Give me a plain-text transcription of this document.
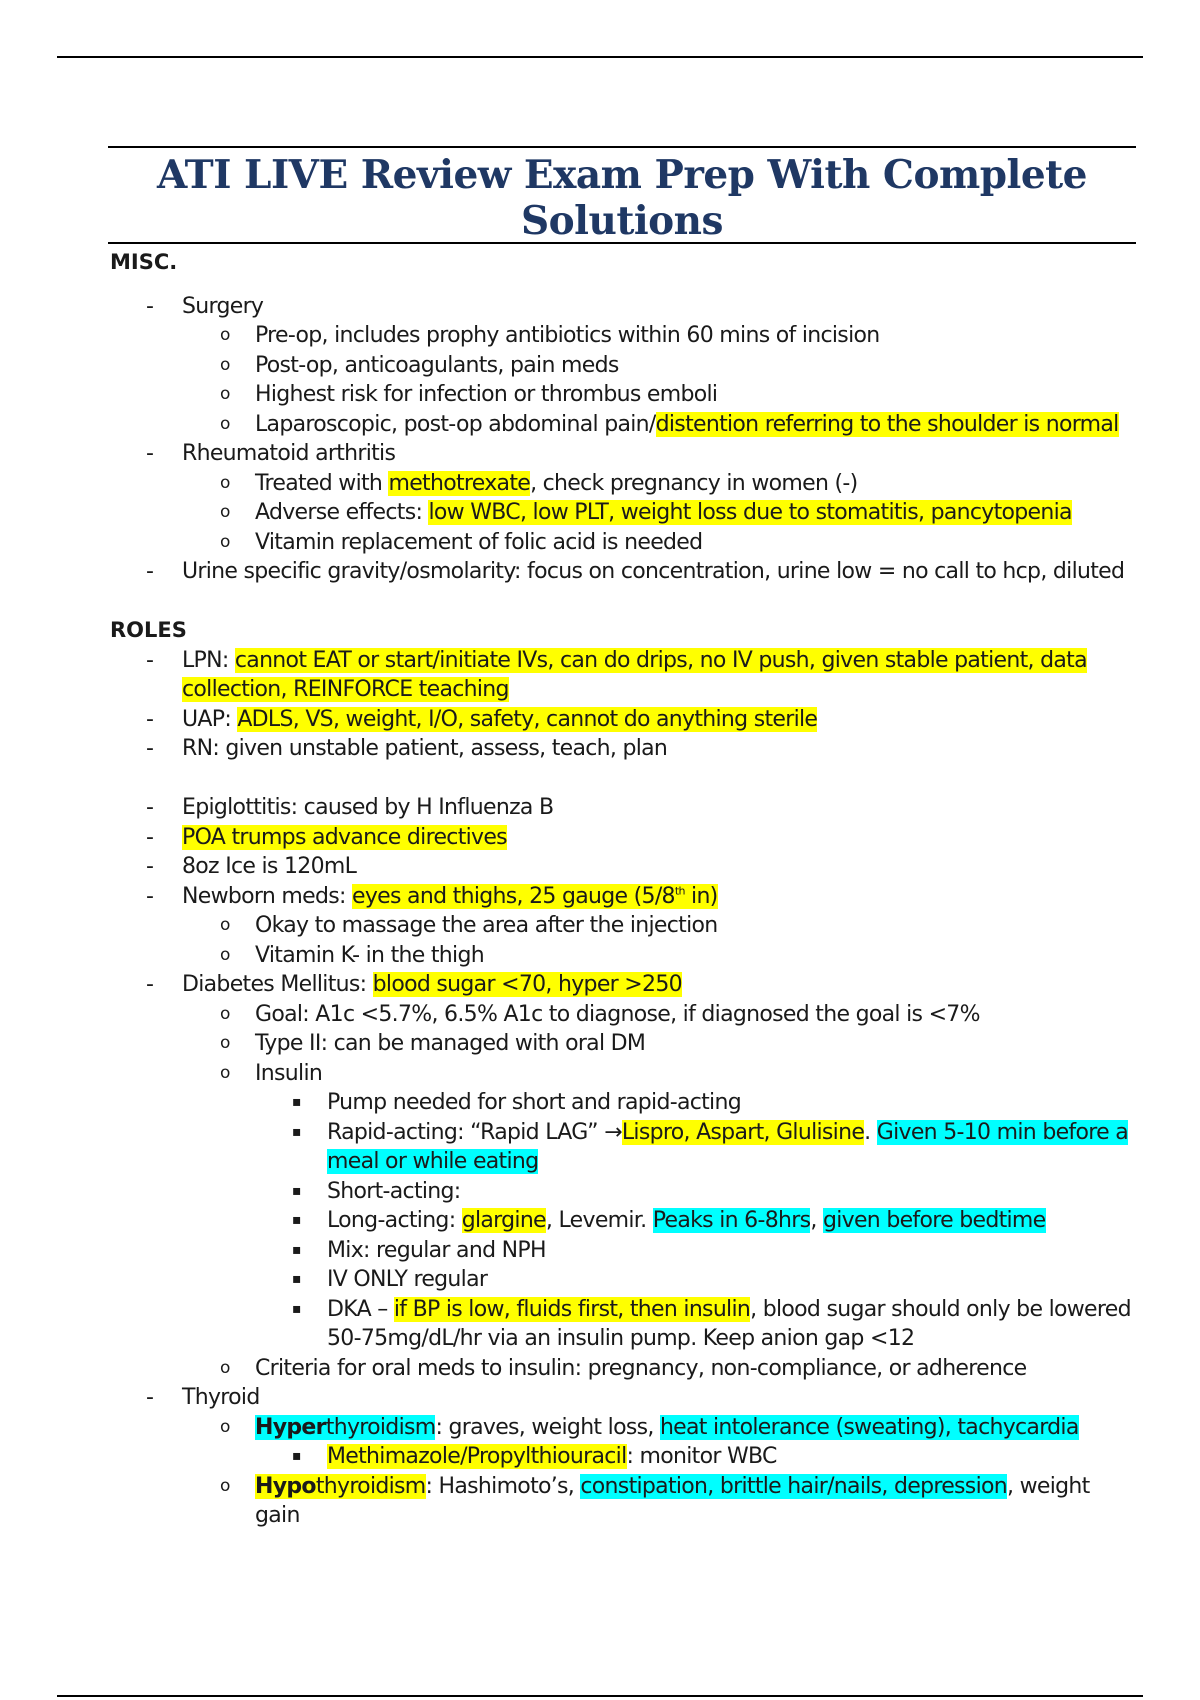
ATI LIVE Review Exam Prep With Complete Solutions
MISC.
- Surgery
o Pre-op, includes prophy antibiotics within 60 mins of incision
o Post-op, anticoagulants, pain meds
o Highest risk for infection or thrombus emboli
o Laparoscopic, post-op abdominal pain/distention referring to the shoulder is normal
- Rheumatoid arthritis
o Treated with methotrexate, check pregnancy in women (-)
o Adverse effects: low WBC, low PLT, weight loss due to stomatitis, pancytopenia
o Vitamin replacement of folic acid is needed
- Urine specific gravity/osmolarity: focus on concentration, urine low = no call to hcp, diluted
ROLES
- LPN: cannot EAT or start/initiate IVs, can do drips, no IV push, given stable patient, data collection, REINFORCE teaching
- UAP: ADLS, VS, weight, I/O, safety, cannot do anything sterile
- RN: given unstable patient, assess, teach, plan
- Epiglottitis: caused by H Influenza B
- POA trumps advance directives
- 8oz Ice is 120mL
- Newborn meds: eyes and thighs, 25 gauge (5/8th in)
o Okay to massage the area after the injection
o Vitamin K- in the thigh
- Diabetes Mellitus: blood sugar <70, hyper >250
o Goal: A1c <5.7%, 6.5% A1c to diagnose, if diagnosed the goal is <7%
o Type II: can be managed with oral DM
o Insulin
▪ Pump needed for short and rapid-acting
▪ Rapid-acting: “Rapid LAG” →Lispro, Aspart, Glulisine. Given 5-10 min before a meal or while eating
▪ Short-acting:
▪ Long-acting: glargine, Levemir. Peaks in 6-8hrs, given before bedtime
▪ Mix: regular and NPH
▪ IV ONLY regular
▪ DKA – if BP is low, fluids first, then insulin, blood sugar should only be lowered 50-75mg/dL/hr via an insulin pump. Keep anion gap <12
o Criteria for oral meds to insulin: pregnancy, non-compliance, or adherence
- Thyroid
o Hyperthyroidism: graves, weight loss, heat intolerance (sweating), tachycardia
▪ Methimazole/Propylthiouracil: monitor WBC
o Hypothyroidism: Hashimoto’s, constipation, brittle hair/nails, depression, weight gain
